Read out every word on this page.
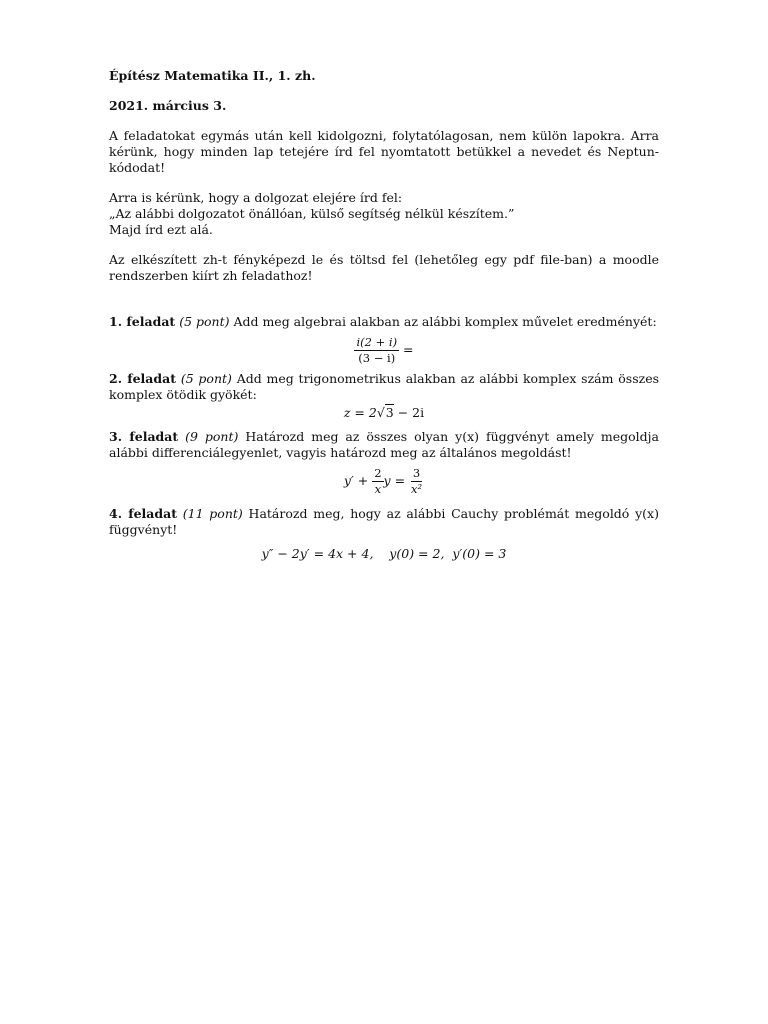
Építész Matematika II., 1. zh.

2021. március 3.

A feladatokat egymás után kell kidolgozni, folytatólagosan, nem külön lapokra. Arra kérünk, hogy minden lap tetejére írd fel nyomtatott betükkel a nevedet és Neptun-kódodat!

Arra is kérünk, hogy a dolgozat elejére írd fel:

„Az alábbi dolgozatot önállóan, külső segítség nélkül készítem.”

Majd írd ezt alá.

Az elkészített zh-t fényképezd le és töltsd fel (lehetőleg egy pdf file-ban) a moodle rendszerben kiírt zh feladathoz!

1. feladat (5 pont) Add meg algebrai alakban az alábbi komplex művelet eredményét:

$\frac{i(2 + i)}{(3 - i)}$ =

2. feladat (5 pont) Add meg trigonometrikus alakban az alábbi komplex szám összes komplex ötödik gyökét:

z = 2√3 − 2i

3. feladat (9 pont) Határozd meg az összes olyan y(x) függvényt amely megoldja alábbi differenciálegyenlet, vagyis határozd meg az általános megoldást!

$y' + \frac{2}{x}$ $y = \frac{3}{\text{x²}}$

4. feladat (11 pont) Határozd meg, hogy az alábbi Cauchy problémát megoldó y(x) függvényt!

y″ − 2y′ = 4x + 4,    y(0) = 2,  y′(0) = 3
